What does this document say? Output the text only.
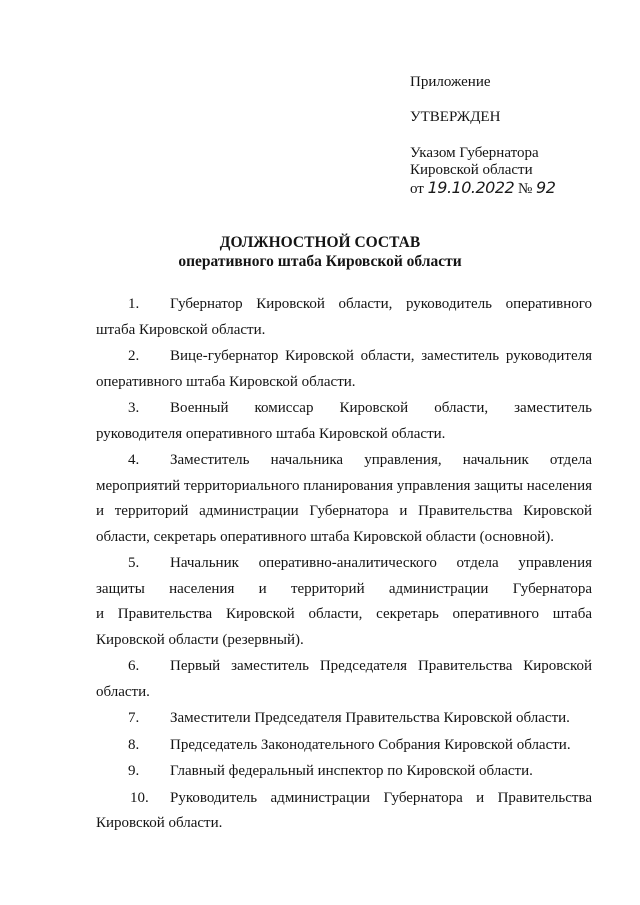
Приложение
УТВЕРЖДЕН
Указом Губернатора
Кировской области
от 19.10.2022 № 92
ДОЛЖНОСТНОЙ СОСТАВ
оперативного штаба Кировской области
1.	Губернатор Кировской области, руководитель оперативного
штаба Кировской области.
2.	Вице-губернатор Кировской области, заместитель руководителя
оперативного штаба Кировской области.
3.	Военный комиссар Кировской области, заместитель
руководителя оперативного штаба Кировской области.
4.	Заместитель начальника управления, начальник отдела
мероприятий территориального планирования управления защиты населения
и территорий администрации Губернатора и Правительства Кировской
области, секретарь оперативного штаба Кировской области (основной).
5.	Начальник оперативно-аналитического отдела управления
защиты населения и территорий администрации Губернатора
и Правительства Кировской области, секретарь оперативного штаба
Кировской области (резервный).
6.	Первый заместитель Председателя Правительства Кировской
области.
7.	Заместители Председателя Правительства Кировской области.
8.	Председатель Законодательного Собрания Кировской области.
9.	Главный федеральный инспектор по Кировской области.
10.	Руководитель администрации Губернатора и Правительства
Кировской области.
